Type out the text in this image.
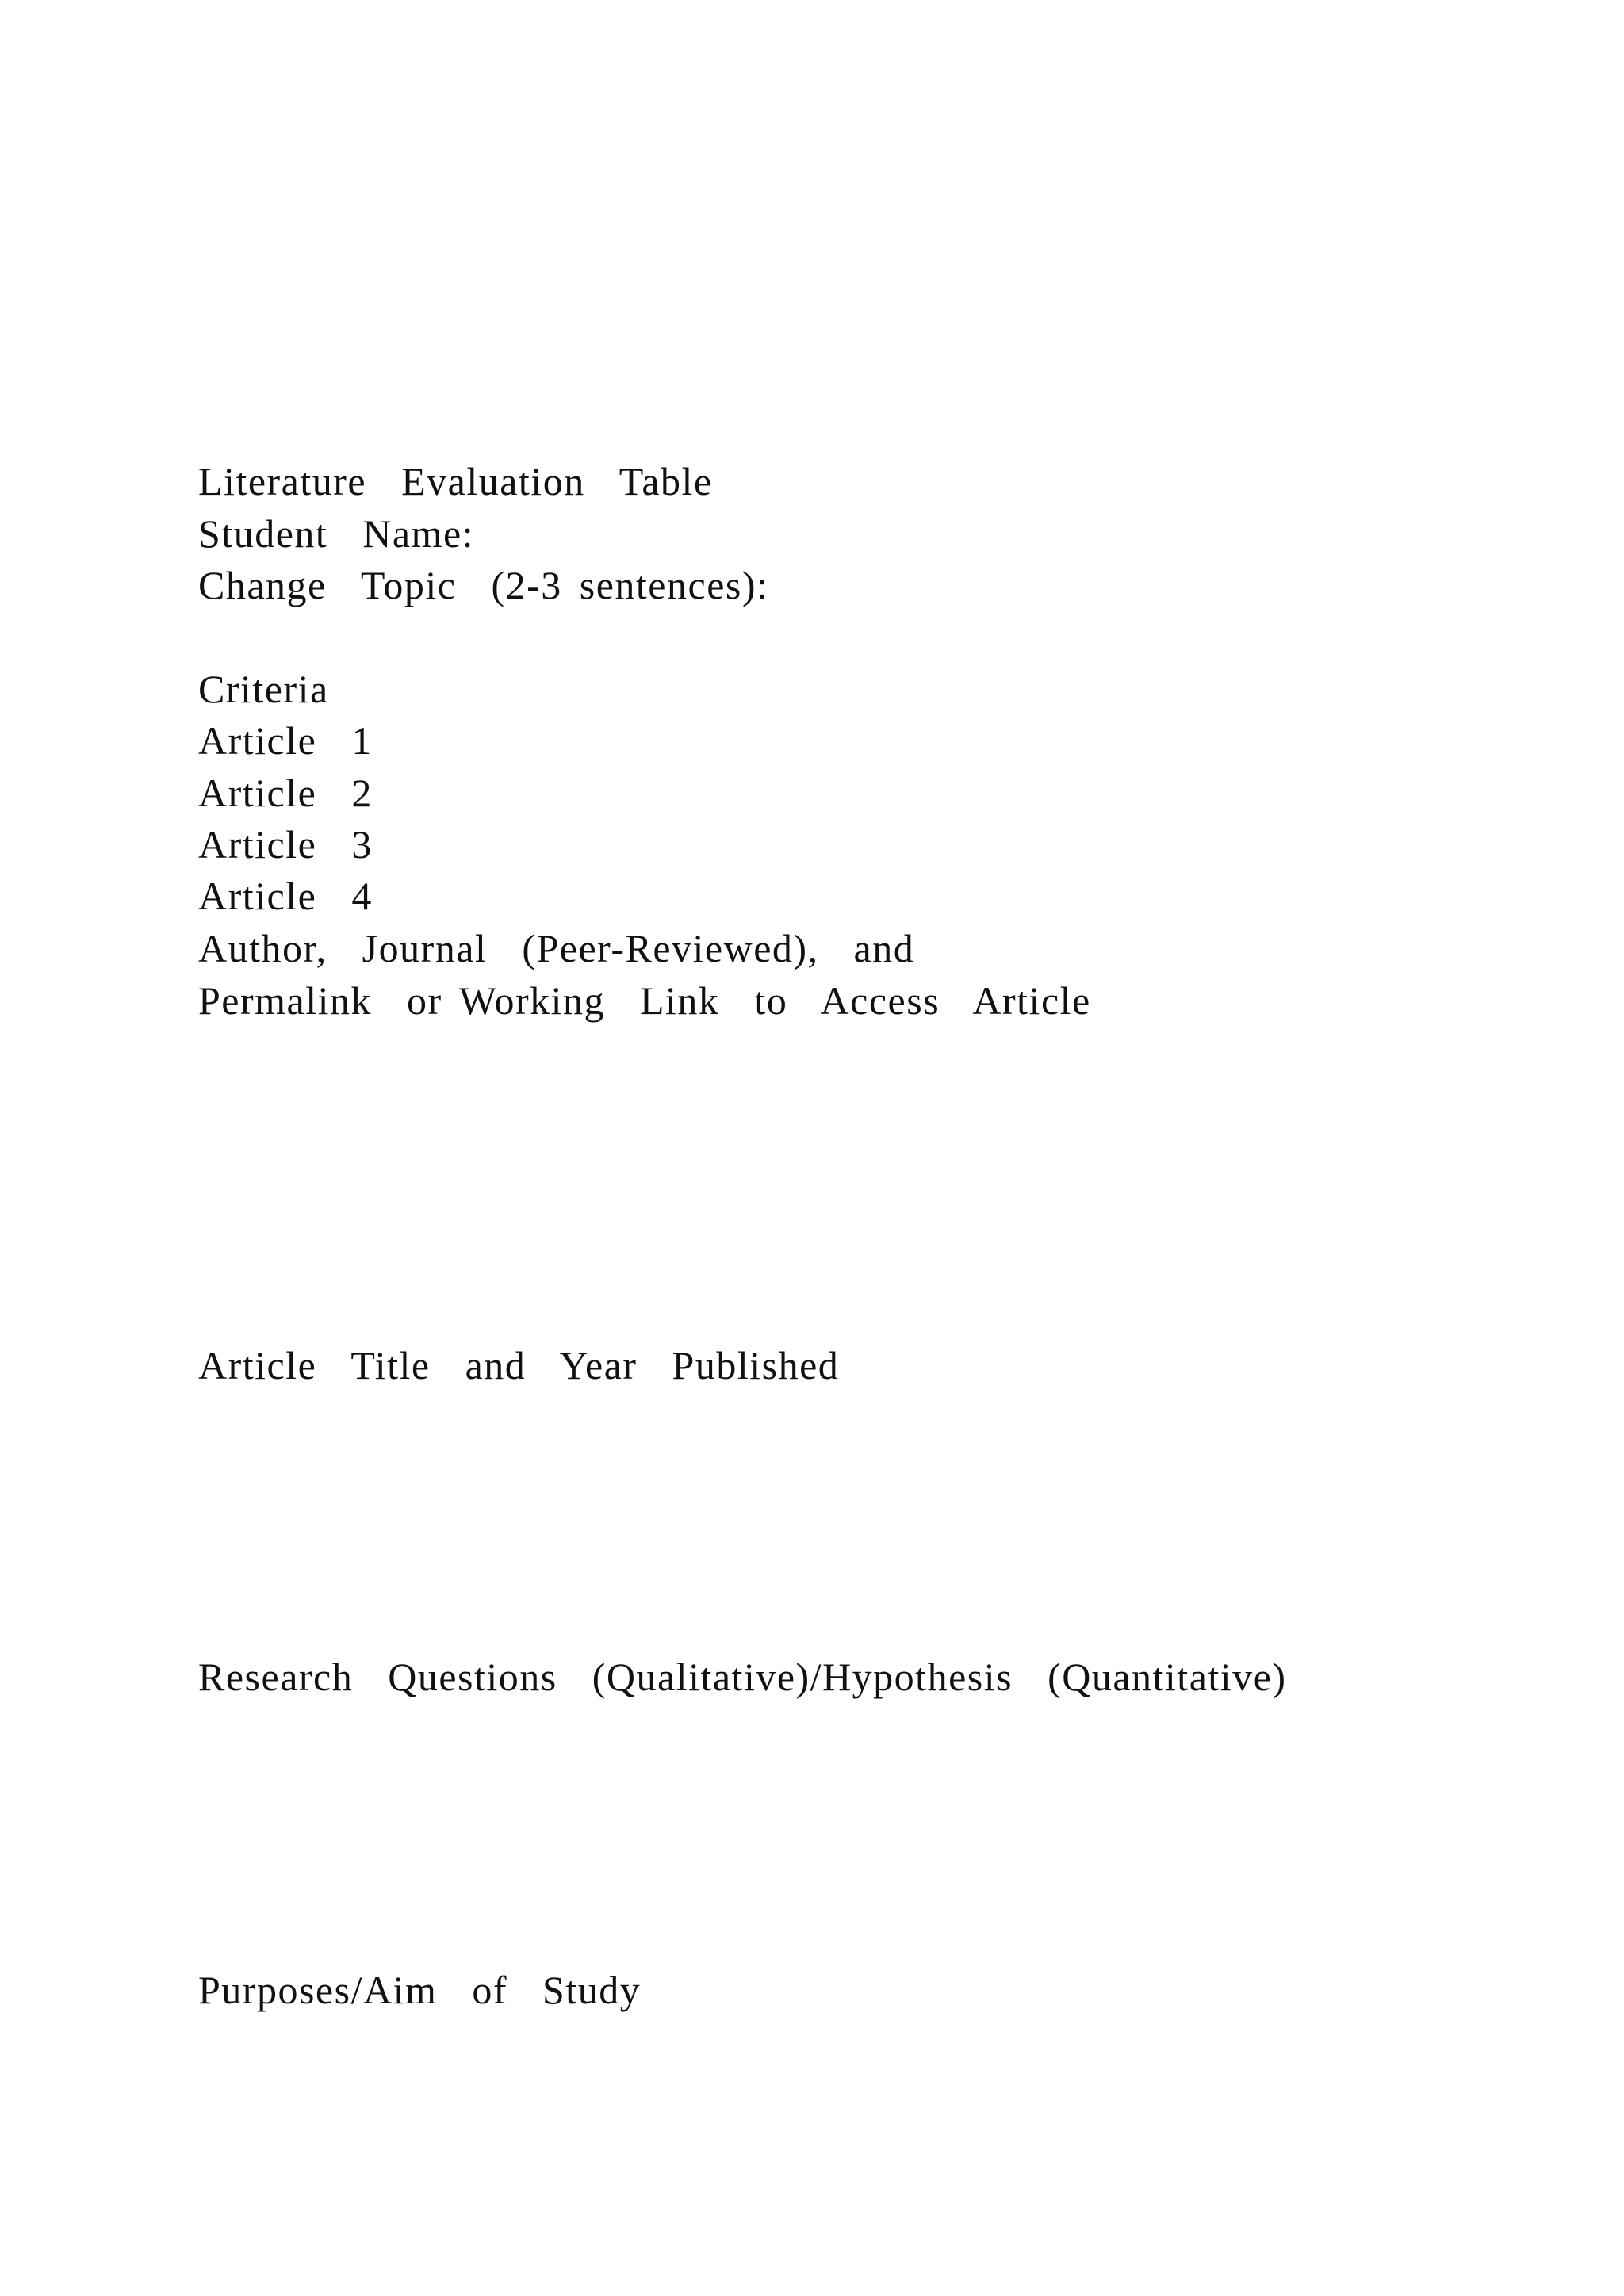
Literature  Evaluation  Table
Student  Name:
Change  Topic  (2-3 sentences):
Criteria
Article  1
Article  2
Article  3
Article  4
Author,  Journal  (Peer-Reviewed),  and
Permalink  or Working  Link  to  Access  Article
Article  Title  and  Year  Published
Research  Questions  (Qualitative)/Hypothesis  (Quantitative)
Purposes/Aim  of  Study
